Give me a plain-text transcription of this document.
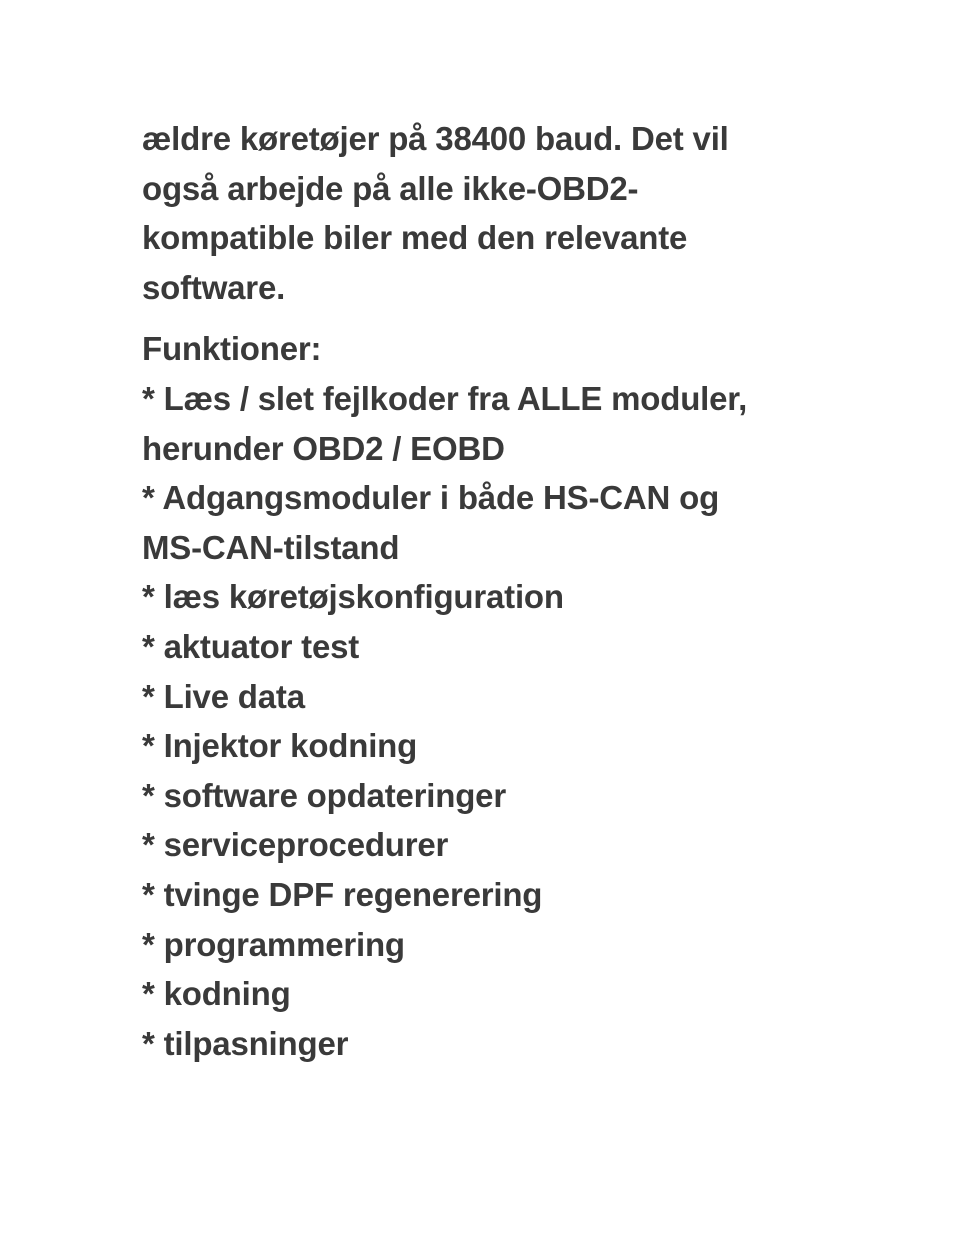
ældre køretøjer på 38400 baud. Det vil
også arbejde på alle ikke-OBD2-
kompatible biler med den relevante
software.

Funktioner:
* Læs / slet fejlkoder fra ALLE moduler,
herunder OBD2 / EOBD
* Adgangsmoduler i både HS-CAN og
MS-CAN-tilstand
* læs køretøjskonfiguration
* aktuator test
* Live data
* Injektor kodning
* software opdateringer
* serviceprocedurer
* tvinge DPF regenerering
* programmering
* kodning
* tilpasninger
